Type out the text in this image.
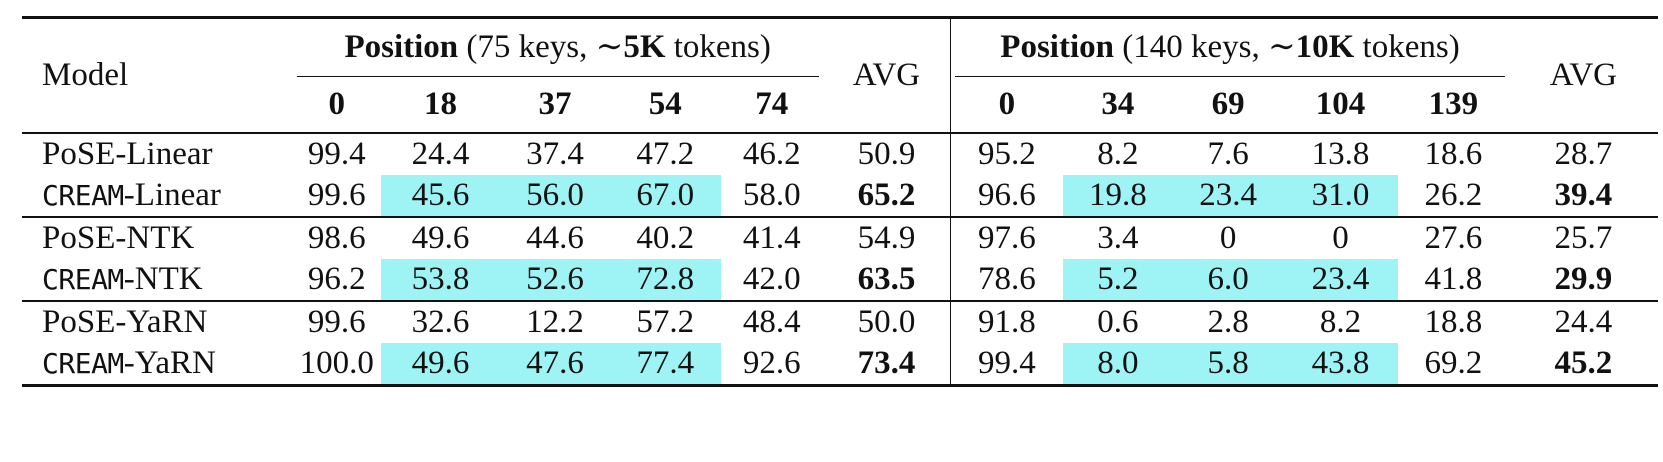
Model	Position (75 keys, ∼5K tokens)					AVG	Position (140 keys, ∼10K tokens)					AVG
	0	18	37	54	74		0	34	69	104	139	
PoSE-Linear	99.4	24.4	37.4	47.2	46.2	50.9	95.2	8.2	7.6	13.8	18.6	28.7
CREAM-Linear	99.6	45.6	56.0	67.0	58.0	65.2	96.6	19.8	23.4	31.0	26.2	39.4
PoSE-NTK	98.6	49.6	44.6	40.2	41.4	54.9	97.6	3.4	0	0	27.6	25.7
CREAM-NTK	96.2	53.8	52.6	72.8	42.0	63.5	78.6	5.2	6.0	23.4	41.8	29.9
PoSE-YaRN	99.6	32.6	12.2	57.2	48.4	50.0	91.8	0.6	2.8	8.2	18.8	24.4
CREAM-YaRN	100.0	49.6	47.6	77.4	92.6	73.4	99.4	8.0	5.8	43.8	69.2	45.2
